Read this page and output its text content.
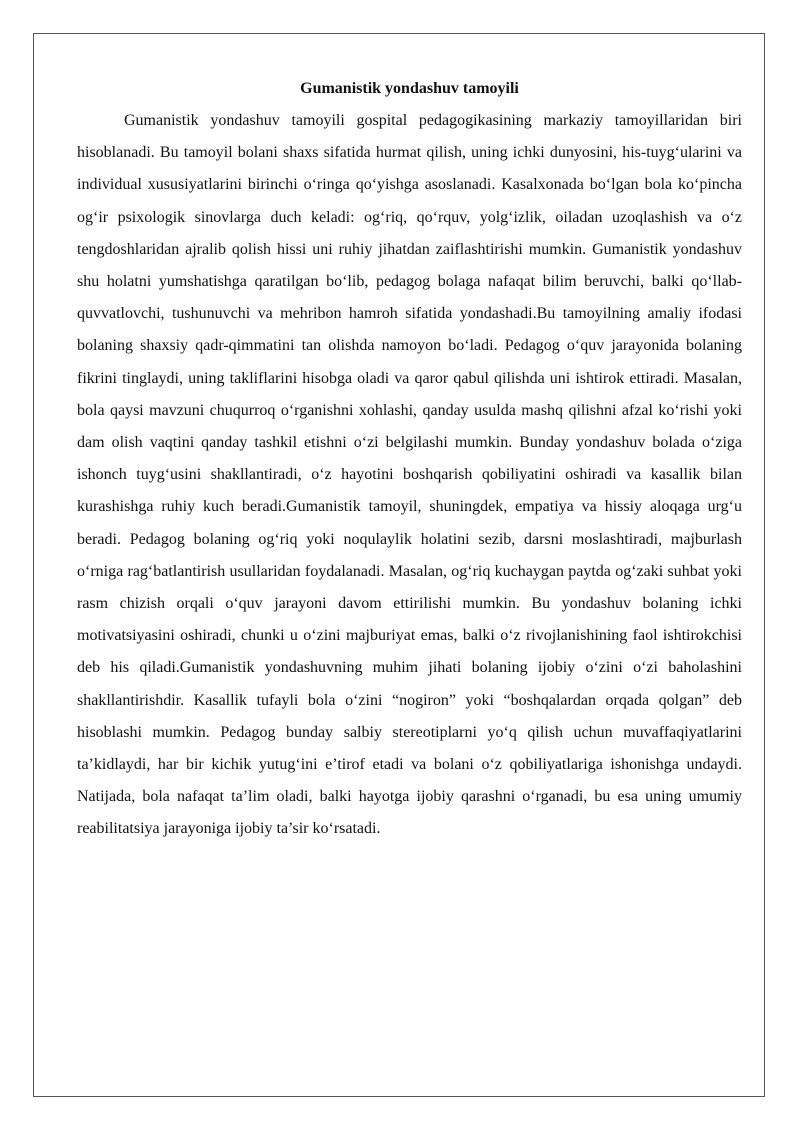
Gumanistik yondashuv tamoyili

Gumanistik yondashuv tamoyili gospital pedagogikasining markaziy tamoyillaridan biri hisoblanadi. Bu tamoyil bolani shaxs sifatida hurmat qilish, uning ichki dunyosini, his-tuyg‘ularini va individual xususiyatlarini birinchi o‘ringa qo‘yishga asoslanadi. Kasalxonada bo‘lgan bola ko‘pincha og‘ir psixologik sinovlarga duch keladi: og‘riq, qo‘rquv, yolg‘izlik, oiladan uzoqlashish va o‘z tengdoshlaridan ajralib qolish hissi uni ruhiy jihatdan zaiflashtirishi mumkin. Gumanistik yondashuv shu holatni yumshatishga qaratilgan bo‘lib, pedagog bolaga nafaqat bilim beruvchi, balki qo‘llab-quvvatlovchi, tushunuvchi va mehribon hamroh sifatida yondashadi.Bu tamoyilning amaliy ifodasi bolaning shaxsiy qadr-qimmatini tan olishda namoyon bo‘ladi. Pedagog o‘quv jarayonida bolaning fikrini tinglaydi, uning takliflarini hisobga oladi va qaror qabul qilishda uni ishtirok ettiradi. Masalan, bola qaysi mavzuni chuqurroq o‘rganishni xohlashi, qanday usulda mashq qilishni afzal ko‘rishi yoki dam olish vaqtini qanday tashkil etishni o‘zi belgilashi mumkin. Bunday yondashuv bolada o‘ziga ishonch tuyg‘usini shakllantiradi, o‘z hayotini boshqarish qobiliyatini oshiradi va kasallik bilan kurashishga ruhiy kuch beradi.Gumanistik tamoyil, shuningdek, empatiya va hissiy aloqaga urg‘u beradi. Pedagog bolaning og‘riq yoki noqulaylik holatini sezib, darsni moslashtiradi, majburlash o‘rniga rag‘batlantirish usullaridan foydalanadi. Masalan, og‘riq kuchaygan paytda og‘zaki suhbat yoki rasm chizish orqali o‘quv jarayoni davom ettirilishi mumkin. Bu yondashuv bolaning ichki motivatsiyasini oshiradi, chunki u o‘zini majburiyat emas, balki o‘z rivojlanishining faol ishtirokchisi deb his qiladi.Gumanistik yondashuvning muhim jihati bolaning ijobiy o‘zini o‘zi baholashini shakllantirishdir. Kasallik tufayli bola o‘zini “nogiron” yoki “boshqalardan orqada qolgan” deb hisoblashi mumkin. Pedagog bunday salbiy stereotiplarni yo‘q qilish uchun muvaffaqiyatlarini ta’kidlaydi, har bir kichik yutug‘ini e’tirof etadi va bolani o‘z qobiliyatlariga ishonishga undaydi. Natijada, bola nafaqat ta’lim oladi, balki hayotga ijobiy qarashni o‘rganadi, bu esa uning umumiy reabilitatsiya jarayoniga ijobiy ta’sir ko‘rsatadi.
